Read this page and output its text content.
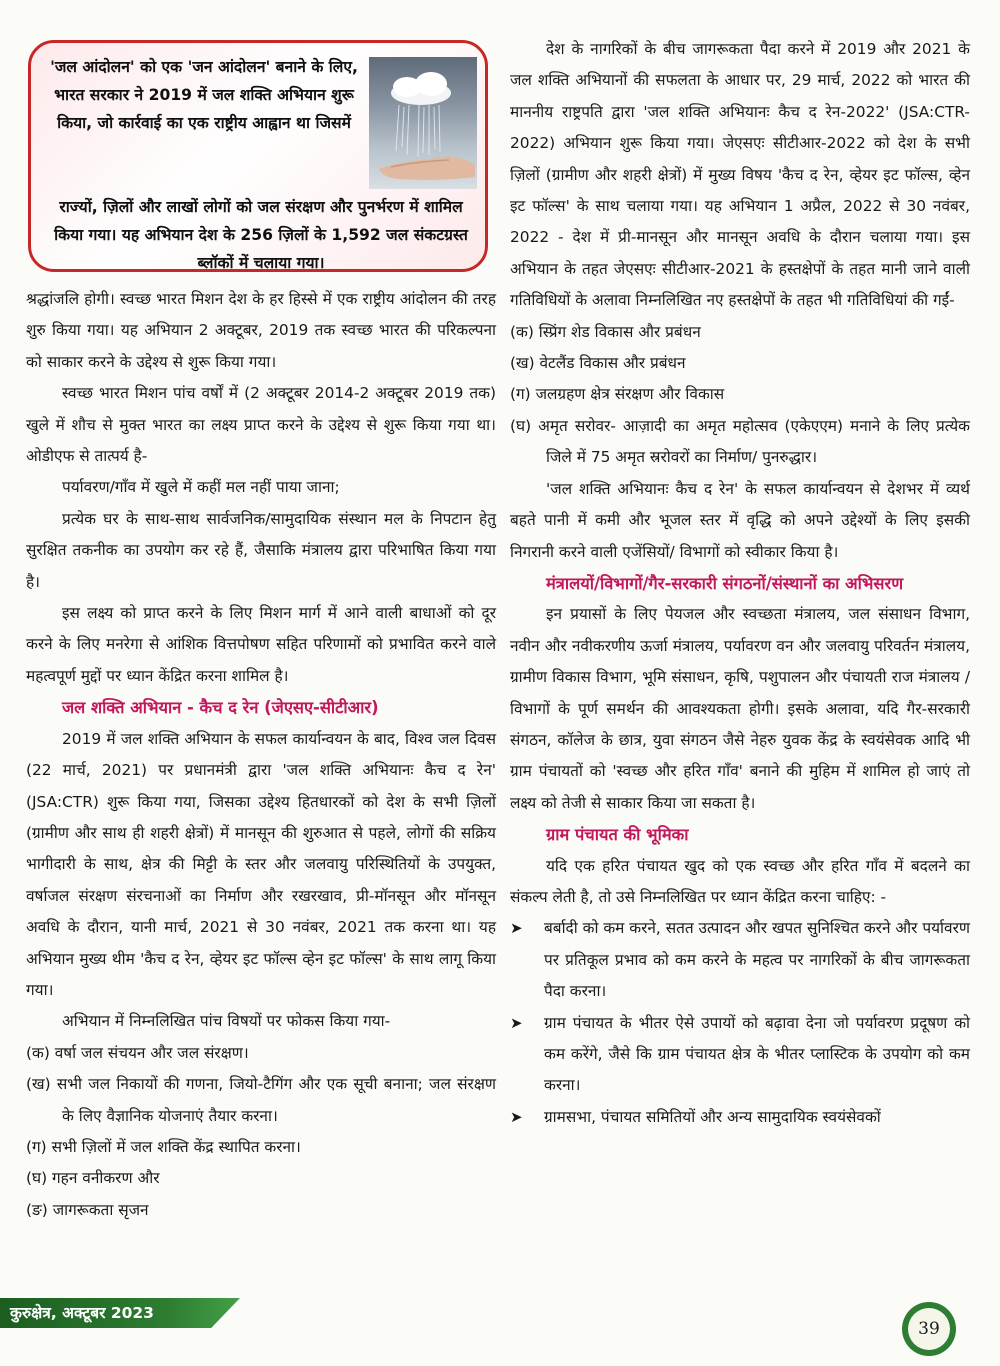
'जल आंदोलन' को एक 'जन आंदोलन' बनाने के लिए, भारत सरकार ने 2019 में जल शक्ति अभियान शुरू किया, जो कार्रवाई का एक राष्ट्रीय आह्वान था जिसमें
राज्यों, ज़िलों और लाखों लोगों को जल संरक्षण और पुनर्भरण में शामिल किया गया। यह अभियान देश के 256 ज़िलों के 1,592 जल संकटग्रस्त ब्लॉकों में चलाया गया।

श्रद्धांजलि होगी। स्वच्छ भारत मिशन देश के हर हिस्से में एक राष्ट्रीय आंदोलन की तरह शुरु किया गया। यह अभियान 2 अक्टूबर, 2019 तक स्वच्छ भारत की परिकल्पना को साकार करने के उद्देश्य से शुरू किया गया।

स्वच्छ भारत मिशन पांच वर्षों में (2 अक्टूबर 2014-2 अक्टूबर 2019 तक) खुले में शौच से मुक्त भारत का लक्ष्य प्राप्त करने के उद्देश्य से शुरू किया गया था। ओडीएफ से तात्पर्य है-

पर्यावरण/गाँव में खुले में कहीं मल नहीं पाया जाना;

प्रत्येक घर के साथ-साथ सार्वजनिक/सामुदायिक संस्थान मल के निपटान हेतु सुरक्षित तकनीक का उपयोग कर रहे हैं, जैसाकि मंत्रालय द्वारा परिभाषित किया गया है।

इस लक्ष्य को प्राप्त करने के लिए मिशन मार्ग में आने वाली बाधाओं को दूर करने के लिए मनरेगा से आंशिक वित्तपोषण सहित परिणामों को प्रभावित करने वाले महत्वपूर्ण मुद्दों पर ध्यान केंद्रित करना शामिल है।

जल शक्ति अभियान - कैच द रेन (जेएसए-सीटीआर)

2019 में जल शक्ति अभियान के सफल कार्यान्वयन के बाद, विश्व जल दिवस (22 मार्च, 2021) पर प्रधानमंत्री द्वारा 'जल शक्ति अभियानः कैच द रेन' (JSA:CTR) शुरू किया गया, जिसका उद्देश्य हितधारकों को देश के सभी ज़िलों (ग्रामीण और साथ ही शहरी क्षेत्रों) में मानसून की शुरुआत से पहले, लोगों की सक्रिय भागीदारी के साथ, क्षेत्र की मिट्टी के स्तर और जलवायु परिस्थितियों के उपयुक्त, वर्षाजल संरक्षण संरचनाओं का निर्माण और रखरखाव, प्री-मॉनसून और मॉनसून अवधि के दौरान, यानी मार्च, 2021 से 30 नवंबर, 2021 तक करना था। यह अभियान मुख्य थीम 'कैच द रेन, व्हेयर इट फॉल्स व्हेन इट फॉल्स' के साथ लागू किया गया।

अभियान में निम्नलिखित पांच विषयों पर फोकस किया गया-

(क) वर्षा जल संचयन और जल संरक्षण।

(ख) सभी जल निकायों की गणना, जियो-टैगिंग और एक सूची बनाना; जल संरक्षण के लिए वैज्ञानिक योजनाएं तैयार करना।

(ग) सभी ज़िलों में जल शक्ति केंद्र स्थापित करना।

(घ) गहन वनीकरण और

(ङ) जागरूकता सृजन

देश के नागरिकों के बीच जागरूकता पैदा करने में 2019 और 2021 के जल शक्ति अभियानों की सफलता के आधार पर, 29 मार्च, 2022 को भारत की माननीय राष्ट्रपति द्वारा 'जल शक्ति अभियानः कैच द रेन-2022' (JSA:CTR-2022) अभियान शुरू किया गया। जेएसएः सीटीआर-2022 को देश के सभी ज़िलों (ग्रामीण और शहरी क्षेत्रों) में मुख्य विषय 'कैच द रेन, व्हेयर इट फॉल्स, व्हेन इट फॉल्स' के साथ चलाया गया। यह अभियान 1 अप्रैल, 2022 से 30 नवंबर, 2022 - देश में प्री-मानसून और मानसून अवधि के दौरान चलाया गया। इस अभियान के तहत जेएसएः सीटीआर-2021 के हस्तक्षेपों के तहत मानी जाने वाली गतिविधियों के अलावा निम्नलिखित नए हस्तक्षेपों के तहत भी गतिविधियां की गईं-

(क) स्प्रिंग शेड विकास और प्रबंधन

(ख) वेटलैंड विकास और प्रबंधन

(ग) जलग्रहण क्षेत्र संरक्षण और विकास

(घ) अमृत सरोवर- आज़ादी का अमृत महोत्सव (एकेएएम) मनाने के लिए प्रत्येक जिले में 75 अमृत स्ररोवरों का निर्माण/ पुनरुद्धार।

'जल शक्ति अभियानः कैच द रेन' के सफल कार्यान्वयन से देशभर में व्यर्थ बहते पानी में कमी और भूजल स्तर में वृद्धि को अपने उद्देश्यों के लिए इसकी निगरानी करने वाली एजेंसियों/ विभागों को स्वीकार किया है।

मंत्रालयों/विभागों/गैर-सरकारी संगठनों/संस्थानों का अभिसरण

इन प्रयासों के लिए पेयजल और स्वच्छता मंत्रालय, जल संसाधन विभाग, नवीन और नवीकरणीय ऊर्जा मंत्रालय, पर्यावरण वन और जलवायु परिवर्तन मंत्रालय, ग्रामीण विकास विभाग, भूमि संसाधन, कृषि, पशुपालन और पंचायती राज मंत्रालय /विभागों के पूर्ण समर्थन की आवश्यकता होगी। इसके अलावा, यदि गैर-सरकारी संगठन, कॉलेज के छात्र, युवा संगठन जैसे नेहरु युवक केंद्र के स्वयंसेवक आदि भी ग्राम पंचायतों को 'स्वच्छ और हरित गाँव' बनाने की मुहिम में शामिल हो जाएं तो लक्ष्य को तेजी से साकार किया जा सकता है।

ग्राम पंचायत की भूमिका

यदि एक हरित पंचायत खुद को एक स्वच्छ और हरित गाँव में बदलने का संकल्प लेती है, तो उसे निम्नलिखित पर ध्यान केंद्रित करना चाहिए: -

➤ बर्बादी को कम करने, सतत उत्पादन और खपत सुनिश्चित करने और पर्यावरण पर प्रतिकूल प्रभाव को कम करने के महत्व पर नागरिकों के बीच जागरूकता पैदा करना।

➤ ग्राम पंचायत के भीतर ऐसे उपायों को बढ़ावा देना जो पर्यावरण प्रदूषण को कम करेंगे, जैसे कि ग्राम पंचायत क्षेत्र के भीतर प्लास्टिक के उपयोग को कम करना।

➤ ग्रामसभा, पंचायत समितियों और अन्य सामुदायिक स्वयंसेवकों

कुरुक्षेत्र, अक्टूबर 2023
39
